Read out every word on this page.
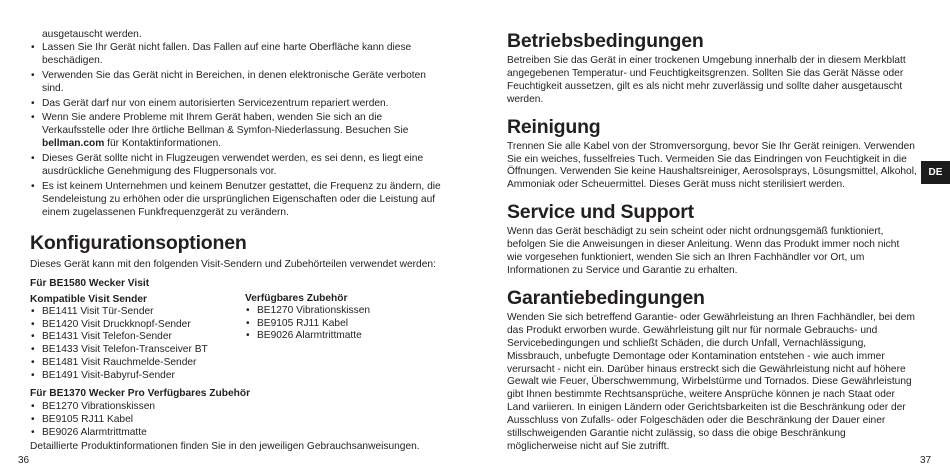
ausgetauscht werden.
• Lassen Sie Ihr Gerät nicht fallen. Das Fallen auf eine harte Oberfläche kann diese beschädigen.
• Verwenden Sie das Gerät nicht in Bereichen, in denen elektronische Geräte verboten sind.
• Das Gerät darf nur von einem autorisierten Servicezentrum repariert werden.
• Wenn Sie andere Probleme mit Ihrem Gerät haben, wenden Sie sich an die Verkaufsstelle oder Ihre örtliche Bellman & Symfon-Niederlassung. Besuchen Sie bellman.com für Kontaktinformationen.
• Dieses Gerät sollte nicht in Flugzeugen verwendet werden, es sei denn, es liegt eine ausdrückliche Genehmigung des Flugpersonals vor.
• Es ist keinem Unternehmen und keinem Benutzer gestattet, die Frequenz zu ändern, die Sendeleistung zu erhöhen oder die ursprünglichen Eigenschaften oder die Leistung auf einem zugelassenen Funkfrequenzgerät zu verändern.
Konfigurationsoptionen

Dieses Gerät kann mit den folgenden Visit-Sendern und Zubehörteilen verwendet werden:

Für BE1580 Wecker Visit

Kompatible Visit Sender

• BE1411 Visit Tür-Sender
• BE1420 Visit Druckknopf-Sender
• BE1431 Visit Telefon-Sender
• BE1433 Visit Telefon-Transceiver BT
• BE1481 Visit Rauchmelde-Sender
• BE1491 Visit-Babyruf-Sender

Verfügbares Zubehör

• BE1270 Vibrationskissen
• BE9105 RJ11 Kabel
• BE9026 Alarmtrittmatte

Für BE1370 Wecker Pro Verfügbares Zubehör

• BE1270 Vibrationskissen
• BE9105 RJ11 Kabel
• BE9026 Alarmtrittmatte

Detaillierte Produktinformationen finden Sie in den jeweiligen Gebrauchsanweisungen.

36
Betriebsbedingungen

Betreiben Sie das Gerät in einer trockenen Umgebung innerhalb der in diesem Merkblatt angegebenen Temperatur- und Feuchtigkeitsgrenzen. Sollten Sie das Gerät Nässe oder Feuchtigkeit aussetzen, gilt es als nicht mehr zuverlässig und sollte daher ausgetauscht werden.

Reinigung

Trennen Sie alle Kabel von der Stromversorgung, bevor Sie Ihr Gerät reinigen. Verwenden Sie ein weiches, fusselfreies Tuch. Vermeiden Sie das Eindringen von Feuchtigkeit in die Öffnungen. Verwenden Sie keine Haushaltsreiniger, Aerosolsprays, Lösungsmittel, Alkohol, Ammoniak oder Scheuermittel. Dieses Gerät muss nicht sterilisiert werden.

Service und Support

Wenn das Gerät beschädigt zu sein scheint oder nicht ordnungsgemäß funktioniert, befolgen Sie die Anweisungen in dieser Anleitung. Wenn das Produkt immer noch nicht wie vorgesehen funktioniert, wenden Sie sich an Ihren Fachhändler vor Ort, um Informationen zu Service und Garantie zu erhalten.

Garantiebedingungen

Wenden Sie sich betreffend Garantie- oder Gewährleistung an Ihren Fachhändler, bei dem das Produkt erworben wurde. Gewährleistung gilt nur für normale Gebrauchs- und Servicebedingungen und schließt Schäden, die durch Unfall, Vernachlässigung, Missbrauch, unbefugte Demontage oder Kontamination entstehen - wie auch immer verursacht - nicht ein. Darüber hinaus erstreckt sich die Gewährleistung nicht auf höhere Gewalt wie Feuer, Überschwemmung, Wirbelstürme und Tornados. Diese Gewährleistung gibt Ihnen bestimmte Rechtsansprüche, weitere Ansprüche können je nach Staat oder Land variieren. In einigen Ländern oder Gerichtsbarkeiten ist die Beschränkung oder der Ausschluss von Zufalls- oder Folgeschäden oder die Beschränkung der Dauer einer stillschweigenden Garantie nicht zulässig, so dass die obige Beschränkung möglicherweise nicht auf Sie zutrifft.

DE
37
